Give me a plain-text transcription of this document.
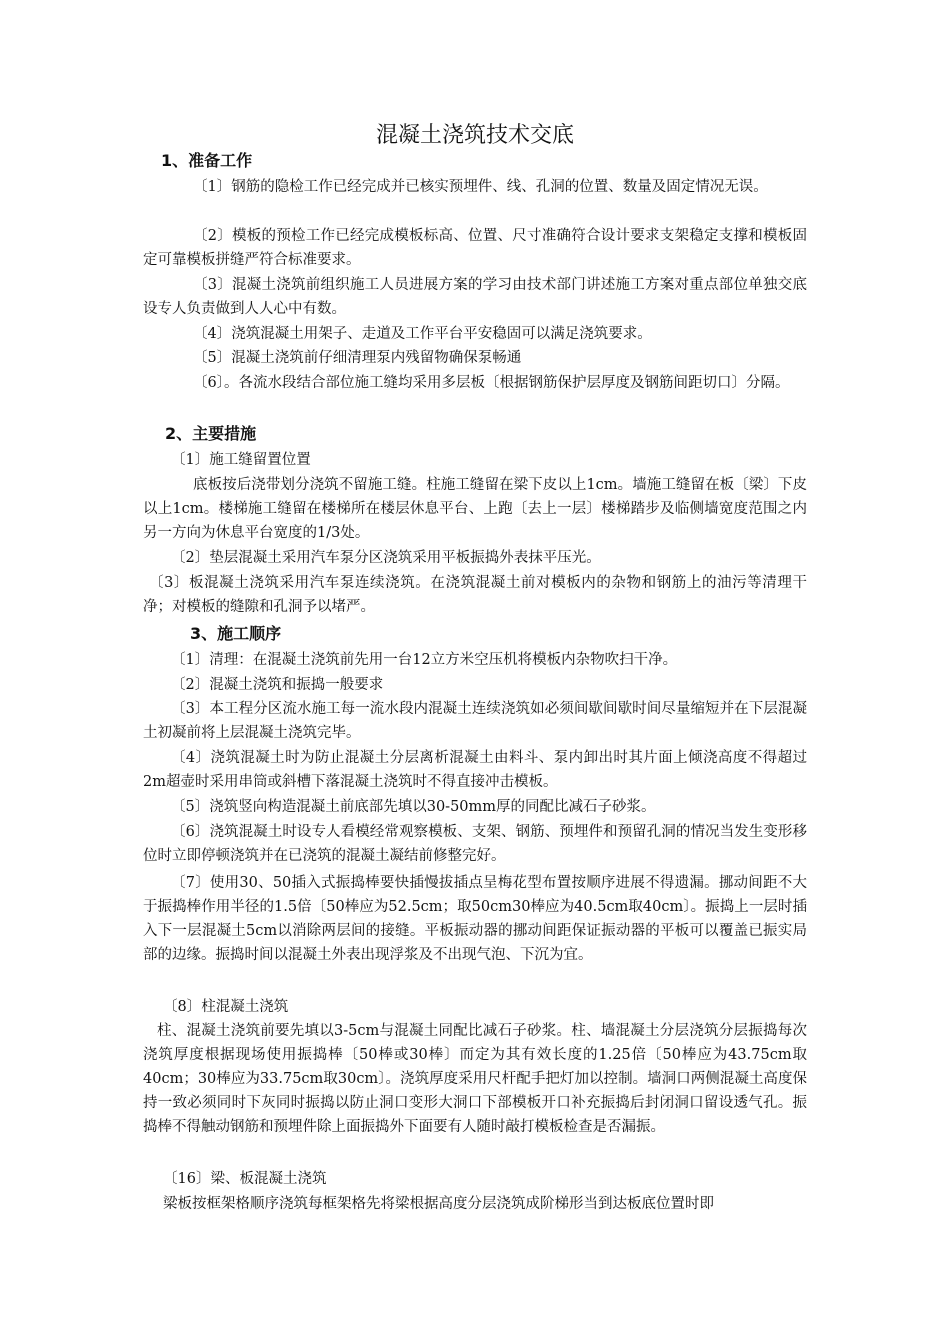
混凝土浇筑技术交底
1、准备工作

〔1〕钢筋的隐检工作已经完成并已核实预埋件、线、孔洞的位置、数量及固定情况无误。

〔2〕模板的预检工作已经完成模板标高、位置、尺寸准确符合设计要求支架稳定支撑和模板固定可靠模板拼缝严符合标准要求。

〔3〕混凝土浇筑前组织施工人员进展方案的学习由技术部门讲述施工方案对重点部位单独交底设专人负责做到人人心中有数。

〔4〕浇筑混凝土用架子、走道及工作平台平安稳固可以满足浇筑要求。

〔5〕混凝土浇筑前仔细清理泵内残留物确保泵畅通

〔6〕。各流水段结合部位施工缝均采用多层板〔根据钢筋保护层厚度及钢筋间距切口〕分隔。

2、主要措施

〔1〕施工缝留置位置

底板按后浇带划分浇筑不留施工缝。柱施工缝留在梁下皮以上1cm。墙施工缝留在板〔梁〕下皮以上1cm。楼梯施工缝留在楼梯所在楼层休息平台、上跑〔去上一层〕楼梯踏步及临侧墙宽度范围之内另一方向为休息平台宽度的1/3处。

〔2〕垫层混凝土采用汽车泵分区浇筑采用平板振捣外表抹平压光。

〔3〕板混凝土浇筑采用汽车泵连续浇筑。在浇筑混凝土前对模板内的杂物和钢筋上的油污等清理干净；对模板的缝隙和孔洞予以堵严。

3、施工顺序

〔1〕清理：在混凝土浇筑前先用一台12立方米空压机将模板内杂物吹扫干净。

〔2〕混凝土浇筑和振捣一般要求

〔3〕本工程分区流水施工每一流水段内混凝土连续浇筑如必须间歇间歇时间尽量缩短并在下层混凝土初凝前将上层混凝土浇筑完毕。

〔4〕浇筑混凝土时为防止混凝土分层离析混凝土由料斗、泵内卸出时其片面上倾浇高度不得超过2m超壶时采用串筒或斜槽下落混凝土浇筑时不得直接冲击模板。

〔5〕浇筑竖向构造混凝土前底部先填以30-50mm厚的同配比减石子砂浆。

〔6〕浇筑混凝土时设专人看模经常观察模板、支架、钢筋、预埋件和预留孔洞的情况当发生变形移位时立即停顿浇筑并在已浇筑的混凝土凝结前修整完好。

〔7〕使用30、50插入式振捣棒要快插慢拔插点呈梅花型布置按顺序进展不得遗漏。挪动间距不大于振捣棒作用半径的1.5倍〔50棒应为52.5cm；取50cm30棒应为40.5cm取40cm〕。振捣上一层时插入下一层混凝土5cm以消除两层间的接缝。平板振动器的挪动间距保证振动器的平板可以覆盖已振实局部的边缘。振捣时间以混凝土外表出现浮浆及不出现气泡、下沉为宜。

〔8〕柱混凝土浇筑

柱、混凝土浇筑前要先填以3-5cm与混凝土同配比减石子砂浆。柱、墙混凝土分层浇筑分层振捣每次浇筑厚度根据现场使用振捣棒〔50棒或30棒〕而定为其有效长度的1.25倍〔50棒应为43.75cm取40cm；30棒应为33.75cm取30cm〕。浇筑厚度采用尺杆配手把灯加以控制。墙洞口两侧混凝土高度保持一致必须同时下灰同时振捣以防止洞口变形大洞口下部模板开口补充振捣后封闭洞口留设透气孔。振捣棒不得触动钢筋和预埋件除上面振捣外下面要有人随时敲打模板检查是否漏振。

〔16〕梁、板混凝土浇筑

梁板按框架格顺序浇筑每框架格先将梁根据高度分层浇筑成阶梯形当到达板底位置时即
